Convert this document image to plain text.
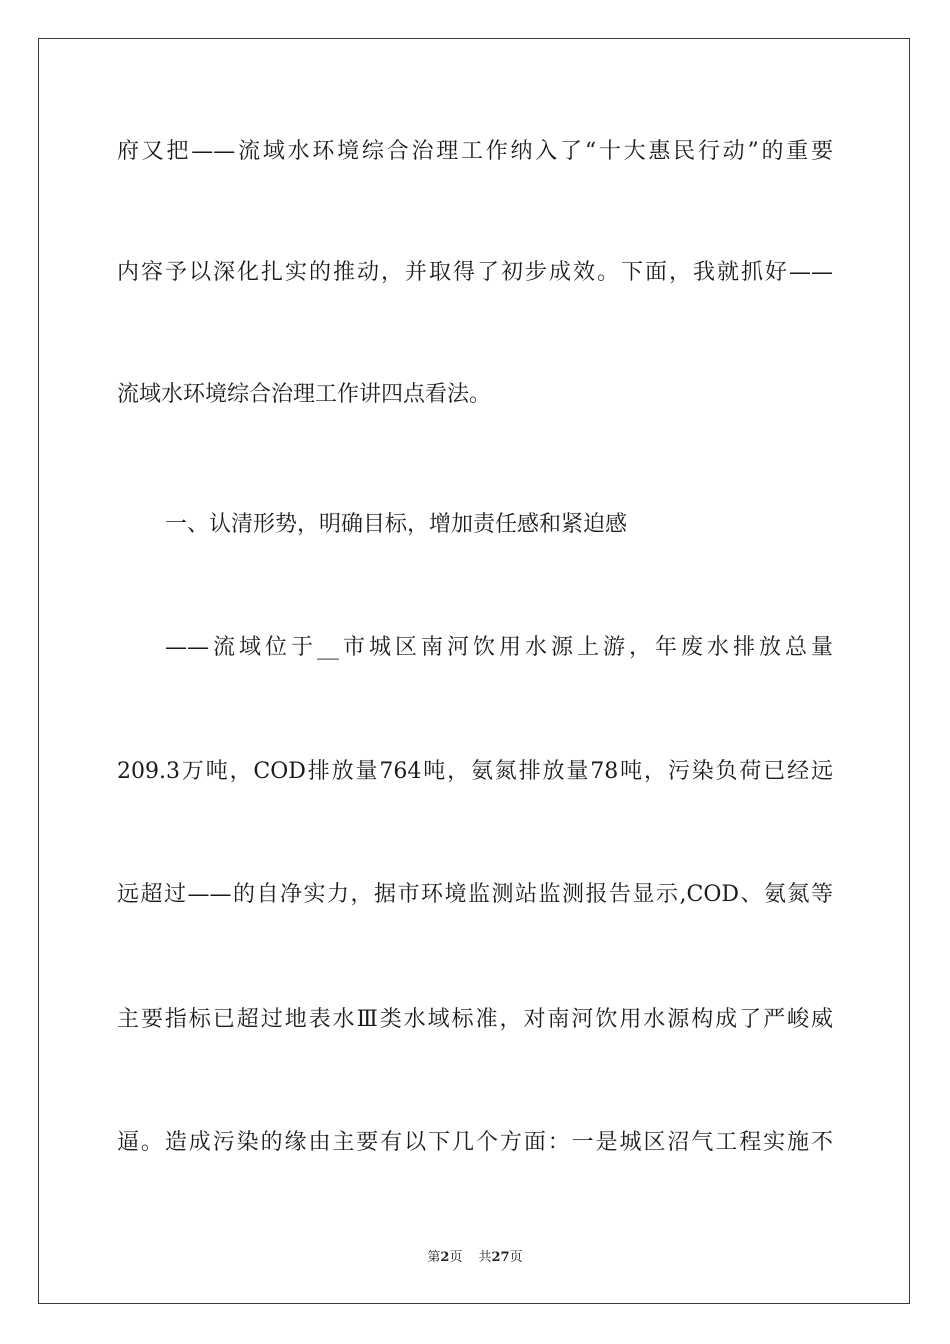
府又把——流域水环境综合治理工作纳入了“十大惠民行动”的重要
内容予以深化扎实的推动，并取得了初步成效。下面，我就抓好——
流域水环境综合治理工作讲四点看法。
一、认清形势，明确目标，增加责任感和紧迫感
——流域位于__市城区南河饮用水源上游，年废水排放总量
209.3万吨，COD排放量764吨，氨氮排放量78吨，污染负荷已经远
远超过——的自净实力，据市环境监测站监测报告显示,COD、氨氮等
主要指标已超过地表水Ⅲ类水域标准，对南河饮用水源构成了严峻威
逼。造成污染的缘由主要有以下几个方面：一是城区沼气工程实施不
第2页 共27页
